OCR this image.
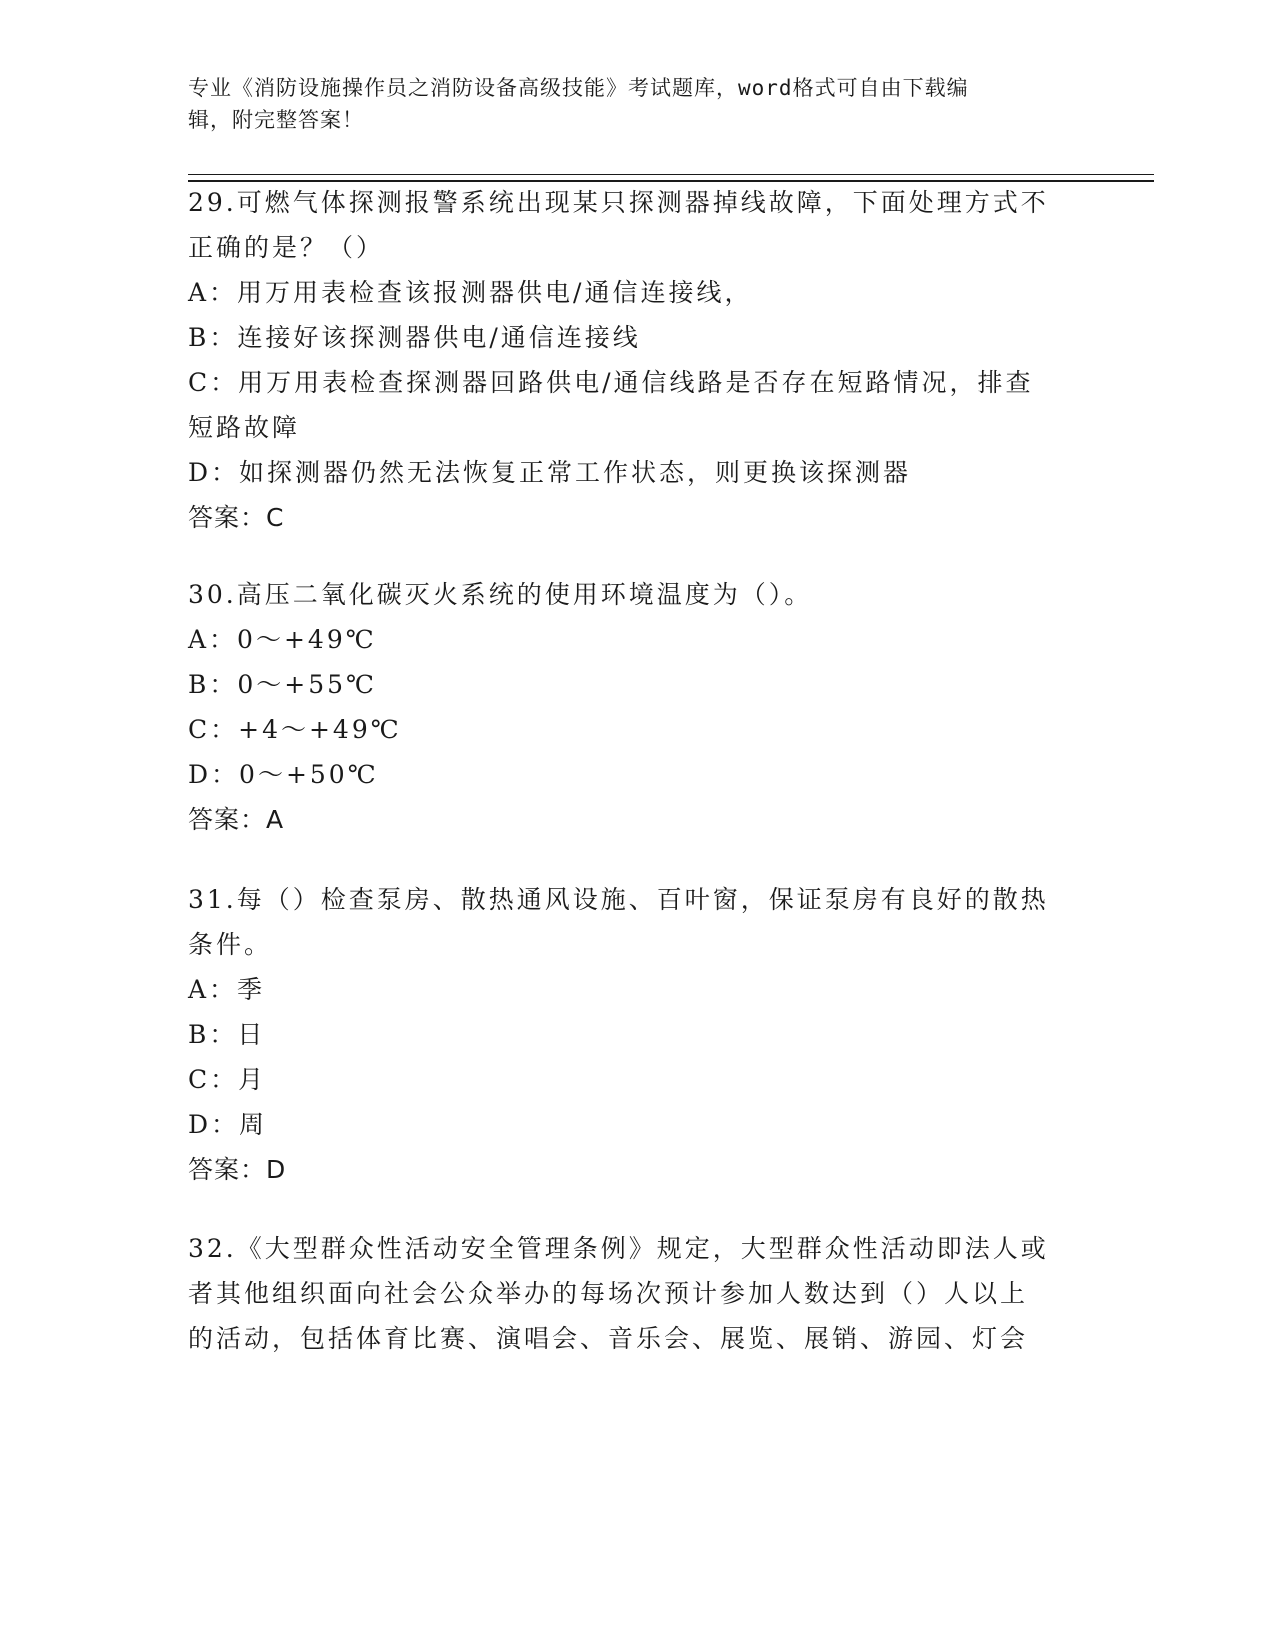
专业《消防设施操作员之消防设备高级技能》考试题库，word格式可自由下载编
辑，附完整答案！

29.可燃气体探测报警系统出现某只探测器掉线故障，下面处理方式不

正确的是？（）

A：用万用表检查该报测器供电/通信连接线，

B：连接好该探测器供电/通信连接线

C：用万用表检查探测器回路供电/通信线路是否存在短路情况，排查

短路故障

D：如探测器仍然无法恢复正常工作状态，则更换该探测器

答案：C

30.高压二氧化碳灭火系统的使用环境温度为（）。

A：0～+49℃

B：0～+55℃

C：+4～+49℃

D：0～+50℃

答案：A

31.每（）检查泵房、散热通风设施、百叶窗，保证泵房有良好的散热

条件。

A：季

B：日

C：月

D：周

答案：D

32.《大型群众性活动安全管理条例》规定，大型群众性活动即法人或

者其他组织面向社会公众举办的每场次预计参加人数达到（）人以上

的活动，包括体育比赛、演唱会、音乐会、展览、展销、游园、灯会
